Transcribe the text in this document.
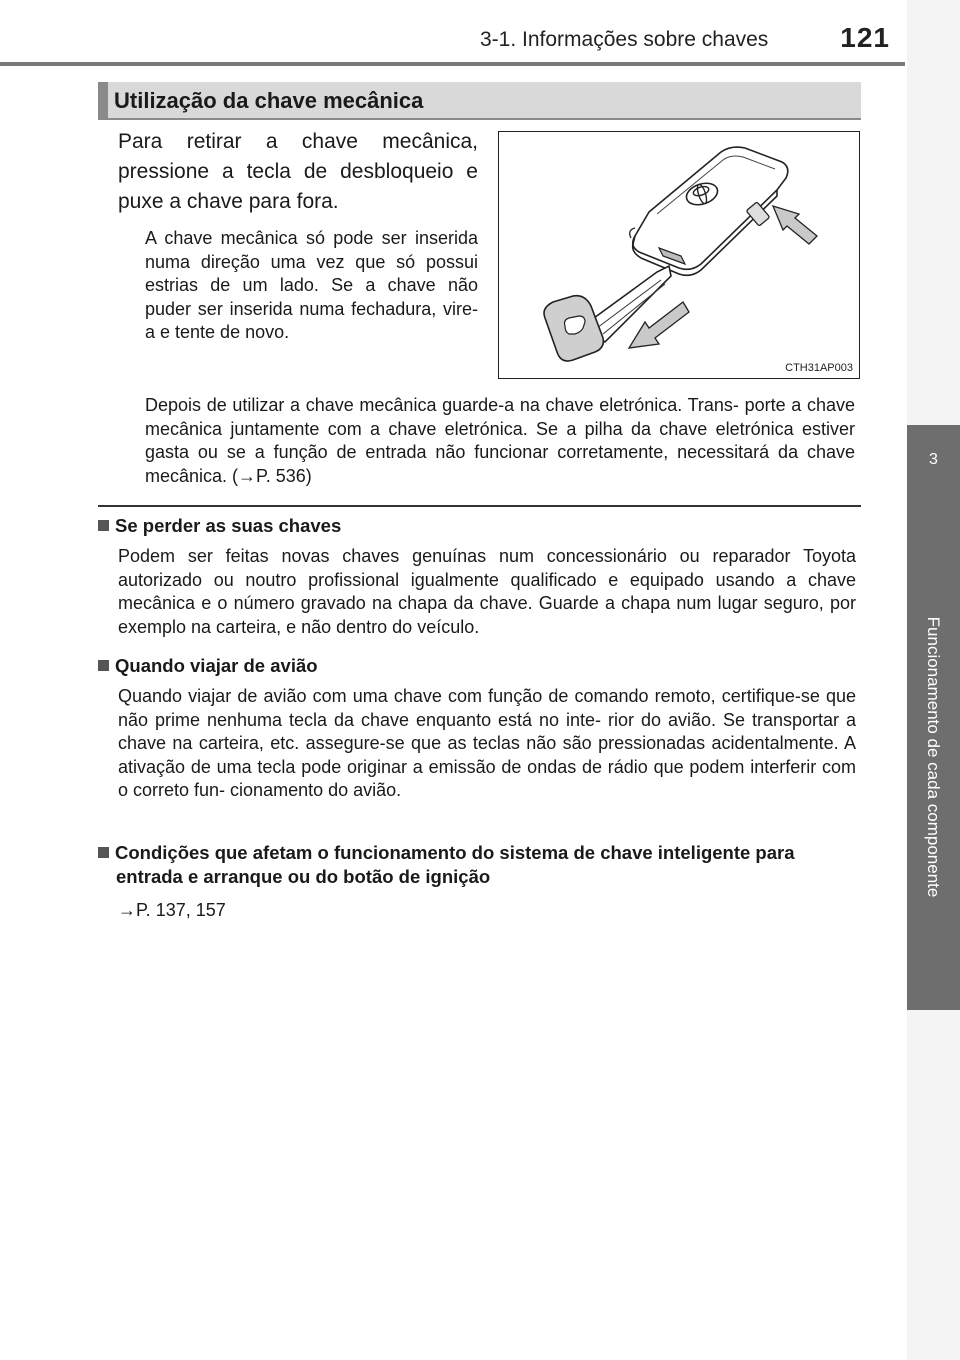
3
Funcionamento de cada componente
3-1. Informações sobre chaves	121
Utilização da chave mecânica
Para retirar a chave mecânica, pressione a tecla de desbloqueio e puxe a chave para fora.
A chave mecânica só pode ser inserida numa direção uma vez que só possui estrias de um lado. Se a chave não puder ser inserida numa fechadura, vire-a e tente de novo.
CTH31AP003
Depois de utilizar a chave mecânica guarde-a na chave eletrónica. Trans- porte a chave mecânica juntamente com a chave eletrónica. Se a pilha da chave eletrónica estiver gasta ou se a função de entrada não funcionar corretamente, necessitará da chave mecânica. (→P. 536)
Se perder as suas chaves
Podem ser feitas novas chaves genuínas num concessionário ou reparador Toyota autorizado ou noutro profissional igualmente qualificado e equipado usando a chave mecânica e o número gravado na chapa da chave. Guarde a chapa num lugar seguro, por exemplo na carteira, e não dentro do veículo.
Quando viajar de avião
Quando viajar de avião com uma chave com função de comando remoto, certifique-se que não prime nenhuma tecla da chave enquanto está no inte- rior do avião. Se transportar a chave na carteira, etc. assegure-se que as teclas não são pressionadas acidentalmente. A ativação de uma tecla pode originar a emissão de ondas de rádio que podem interferir com o correto fun- cionamento do avião.
Condições que afetam o funcionamento do sistema de chave inteligente para entrada e arranque ou do botão de ignição
→P. 137, 157
